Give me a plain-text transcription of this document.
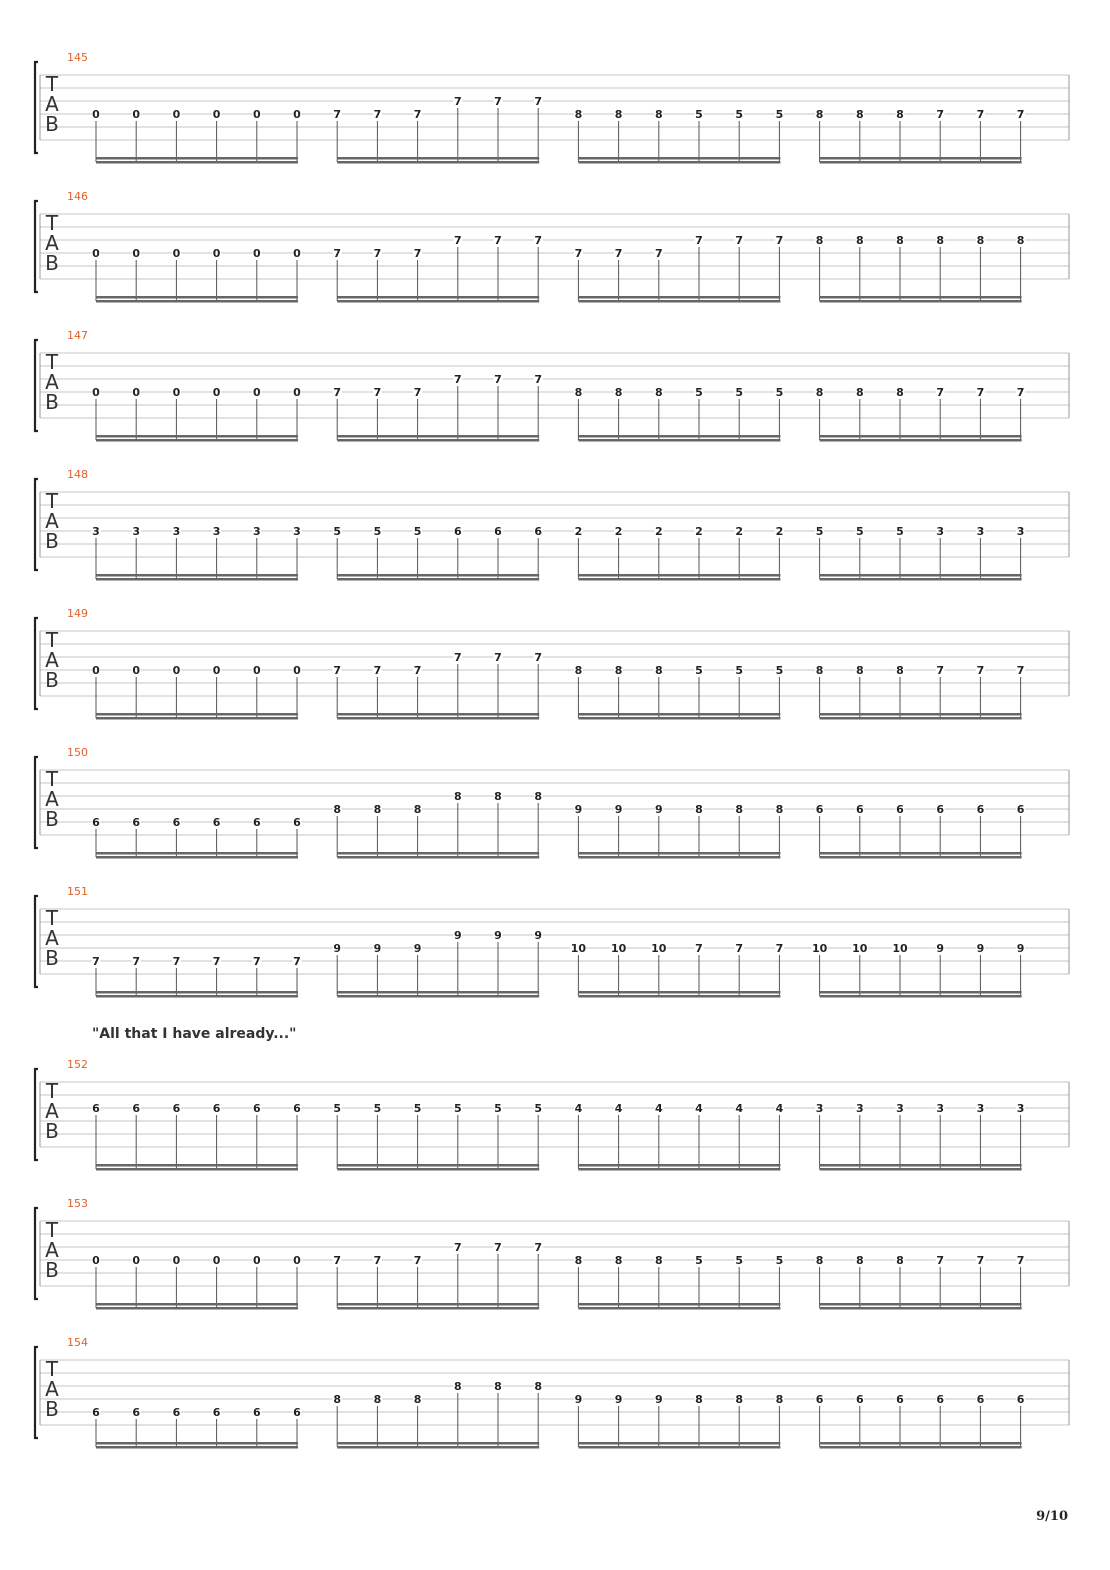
145
T
A
B	0	0	0	0	0	0	7	7	7
7	7	7
8	8	8	5	5	5	8	8	8	7	7	7
146
T
A
B	0	0	0	0	0	0	7	7	7
7	7	7
7	7	7
7	7	7	8	8	8	8	8	8
147
T
A
B	0	0	0	0	0	0	7	7	7
7	7	7
8	8	8	5	5	5	8	8	8	7	7	7
148
T
A
B	3	3	3	3	3	3	5	5	5	6	6	6	2	2	2	2	2	2	5	5	5	3	3	3
149
T
A
B	0	0	0	0	0	0	7	7	7
7	7	7
8	8	8	5	5	5	8	8	8	7	7	7
150
T
A
B	6	6	6	6	6	6
8	8	8
8	8	8
9	9	9	8	8	8	6	6	6	6	6	6
151
T
A
B	7	7	7	7	7	7
9	9	9
9	9	9
10 10 10	7	7	7	10 10 10	9	9	9
152
T
A
B
6	6	6	6	6	6	5	5	5	5	5	5	4	4	4	4	4	4	3	3	3	3	3	3
153
T
A
B	0	0	0	0	0	0	7	7	7
7	7	7
8	8	8	5	5	5	8	8	8	7	7	7
154
T
A
B	6	6	6	6	6	6
8	8	8
8	8	8
9	9	9	8	8	8	6	6	6	6	6	6
"All that I have already..."
9/10
